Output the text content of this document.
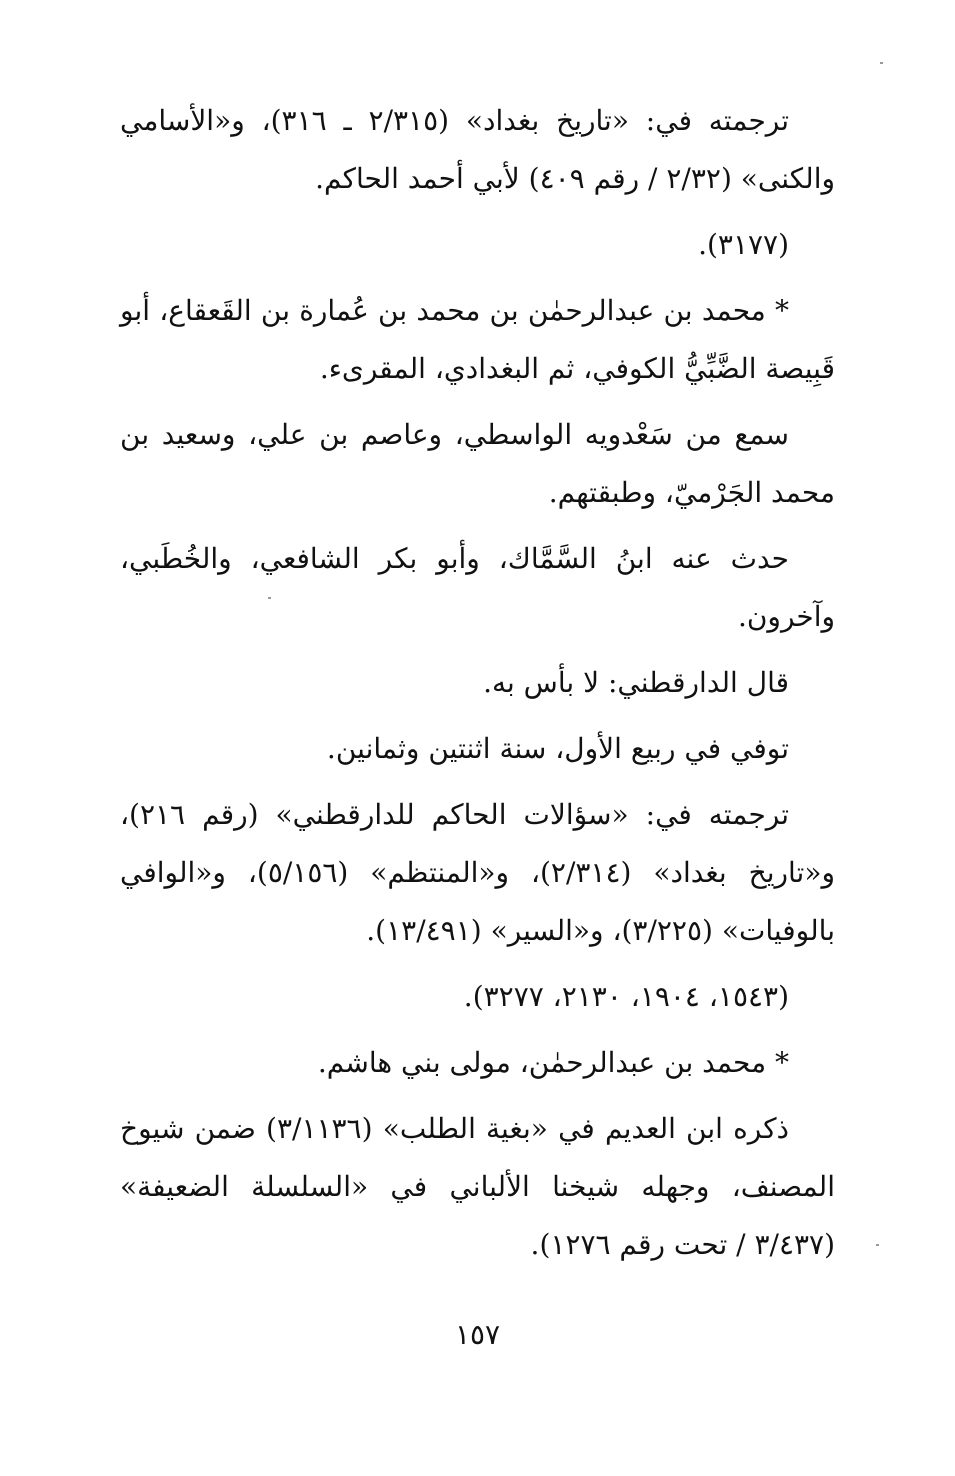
ترجمته في: «تاريخ بغداد» (٢/٣١٥ ـ ٣١٦)، و«الأسامي والكنى» (٢/٣٢ / رقم ٤٠٩) لأبي أحمد الحاكم.

(٣١٧٧).

* محمد بن عبدالرحمٰن بن محمد بن عُمارة بن القَعقاع، أبو قَبِيصة الضَّبِّيُّ الكوفي، ثم البغدادي، المقرىء.

سمع من سَعْدويه الواسطي، وعاصم بن علي، وسعيد بن محمد الجَرْميّ، وطبقتهم.

حدث عنه ابنُ السَّمَّاك، وأبو بكر الشافعي، والخُطَبي، وآخرون.

قال الدارقطني: لا بأس به.

توفي في ربيع الأول، سنة اثنتين وثمانين.

ترجمته في: «سؤالات الحاكم للدارقطني» (رقم ٢١٦)، و«تاريخ بغداد» (٢/٣١٤)، و«المنتظم» (٥/١٥٦)، و«الوافي بالوفيات» (٣/٢٢٥)، و«السير» (١٣/٤٩١).

(١٥٤٣، ١٩٠٤، ٢١٣٠، ٣٢٧٧).

* محمد بن عبدالرحمٰن، مولى بني هاشم.

ذكره ابن العديم في «بغية الطلب» (٣/١١٣٦) ضمن شيوخ المصنف، وجهله شيخنا الألباني في «السلسلة الضعيفة» (٣/٤٣٧ / تحت رقم ١٢٧٦).

١٥٧
